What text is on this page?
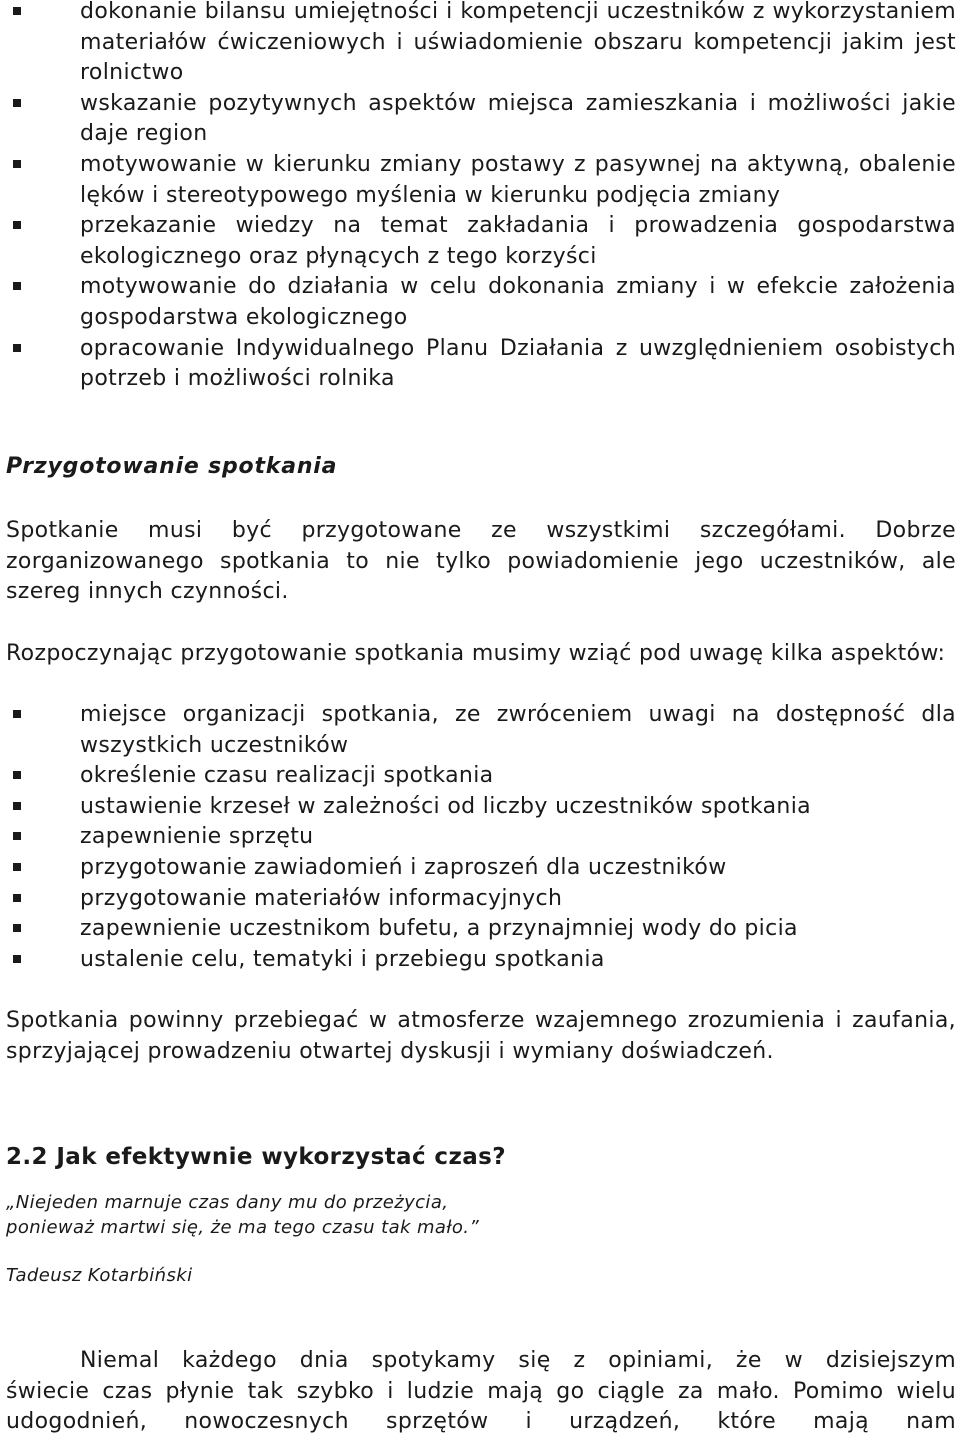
dokonanie bilansu umiejętności i kompetencji uczestników z wykorzystaniem materiałów ćwiczeniowych i uświadomienie obszaru kompetencji jakim jest rolnictwo
wskazanie pozytywnych aspektów miejsca zamieszkania i możliwości jakie daje region
motywowanie w kierunku zmiany postawy z pasywnej na aktywną, obalenie lęków i stereotypowego myślenia w kierunku podjęcia zmiany
przekazanie wiedzy na temat zakładania i prowadzenia gospodarstwa ekologicznego oraz płynących z tego korzyści
motywowanie do działania w celu dokonania zmiany i w efekcie założenia gospodarstwa ekologicznego
opracowanie Indywidualnego Planu Działania z uwzględnieniem osobistych potrzeb i możliwości rolnika
Przygotowanie spotkania

Spotkanie musi być przygotowane ze wszystkimi szczegółami. Dobrze zorganizowanego spotkania to nie tylko powiadomienie jego uczestników, ale szereg innych czynności.

Rozpoczynając przygotowanie spotkania musimy wziąć pod uwagę kilka aspektów:

miejsce organizacji spotkania, ze zwróceniem uwagi na dostępność dla wszystkich uczestników
określenie czasu realizacji spotkania
ustawienie krzeseł w zależności od liczby uczestników spotkania
zapewnienie sprzętu
przygotowanie zawiadomień i zaproszeń dla uczestników
przygotowanie materiałów informacyjnych
zapewnienie uczestnikom bufetu, a przynajmniej wody do picia
ustalenie celu, tematyki i przebiegu spotkania

Spotkania powinny przebiegać w atmosferze wzajemnego zrozumienia i zaufania, sprzyjającej prowadzeniu otwartej dyskusji i wymiany doświadczeń.

2.2 Jak efektywnie wykorzystać czas?
„Niejeden marnuje czas dany mu do przeżycia,
ponieważ martwi się, że ma tego czasu tak mało.”
Tadeusz Kotarbiński
Niemal każdego dnia spotykamy się z opiniami, że w dzisiejszym
świecie czas płynie tak szybko i ludzie mają go ciągle za mało. Pomimo wielu udogodnień, nowoczesnych sprzętów i urządzeń, które mają nam
